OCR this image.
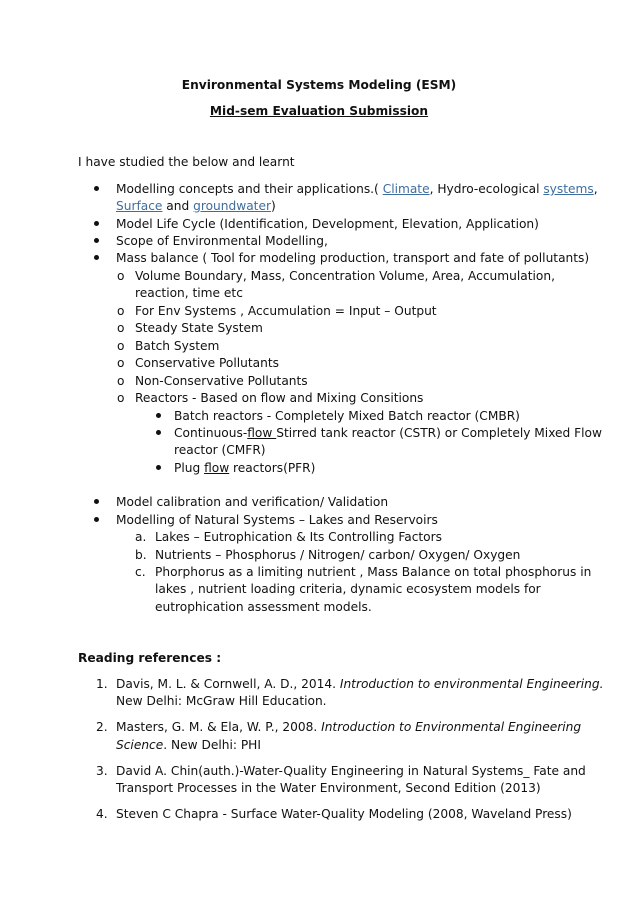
Environmental Systems Modeling (ESM)
Mid-sem Evaluation Submission
I have studied the below and learnt
Modelling concepts and their applications.( Climate, Hydro-ecological systems,
Surface and groundwater)
Model Life Cycle (Identification, Development, Elevation, Application)
Scope of Environmental Modelling,
Mass balance ( Tool for modeling production, transport and fate of pollutants)
o Volume Boundary, Mass, Concentration Volume, Area, Accumulation,
reaction, time etc
o For Env Systems , Accumulation = Input – Output
o Steady State System
o Batch System
o Conservative Pollutants
o Non-Conservative Pollutants
o Reactors - Based on flow and Mixing Consitions
Batch reactors - Completely Mixed Batch reactor (CMBR)
Continuous-flow Stirred tank reactor (CSTR) or Completely Mixed Flow
reactor (CMFR)
Plug flow reactors(PFR)
Model calibration and verification/ Validation
Modelling of Natural Systems – Lakes and Reservoirs
a. Lakes – Eutrophication & Its Controlling Factors
b. Nutrients – Phosphorus / Nitrogen/ carbon/ Oxygen/ Oxygen
c. Phorphorus as a limiting nutrient , Mass Balance on total phosphorus in
lakes , nutrient loading criteria, dynamic ecosystem models for
eutrophication assessment models.
Reading references :
1. Davis, M. L. & Cornwell, A. D., 2014. Introduction to environmental Engineering.
New Delhi: McGraw Hill Education.
2. Masters, G. M. & Ela, W. P., 2008. Introduction to Environmental Engineering
Science. New Delhi: PHI
3. David A. Chin(auth.)-Water-Quality Engineering in Natural Systems_ Fate and
Transport Processes in the Water Environment, Second Edition (2013)
4. Steven C Chapra - Surface Water-Quality Modeling (2008, Waveland Press)
